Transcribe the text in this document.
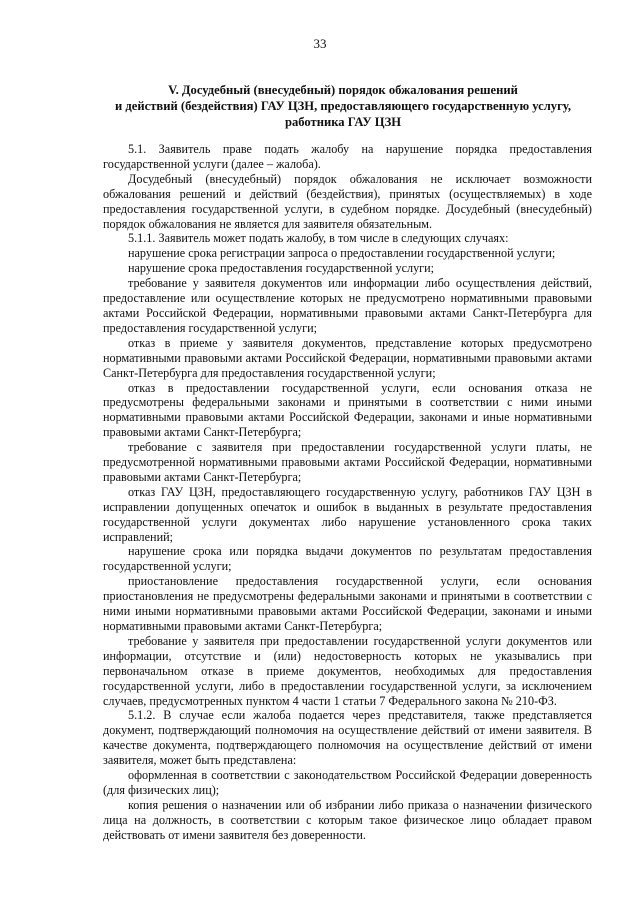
33
V. Досудебный (внесудебный) порядок обжалования решений
и действий (бездействия) ГАУ ЦЗН, предоставляющего государственную услугу,
работника ГАУ ЦЗН

5.1. Заявитель праве подать жалобу на нарушение порядка предоставления государственной услуги (далее – жалоба).

Досудебный (внесудебный) порядок обжалования не исключает возможности обжалования решений и действий (бездействия), принятых (осуществляемых) в ходе предоставления государственной услуги, в судебном порядке. Досудебный (внесудебный) порядок обжалования не является для заявителя обязательным.

5.1.1. Заявитель может подать жалобу, в том числе в следующих случаях:

нарушение срока регистрации запроса о предоставлении государственной услуги;

нарушение срока предоставления государственной услуги;

требование у заявителя документов или информации либо осуществления действий, предоставление или осуществление которых не предусмотрено нормативными правовыми актами Российской Федерации, нормативными правовыми актами Санкт-Петербурга для предоставления государственной услуги;

отказ в приеме у заявителя документов, представление которых предусмотрено нормативными правовыми актами Российской Федерации, нормативными правовыми актами Санкт-Петербурга для предоставления государственной услуги;

отказ в предоставлении государственной услуги, если основания отказа не предусмотрены федеральными законами и принятыми в соответствии с ними иными нормативными правовыми актами Российской Федерации, законами и иные нормативными правовыми актами Санкт-Петербурга;

требование с заявителя при предоставлении государственной услуги платы, не предусмотренной нормативными правовыми актами Российской Федерации, нормативными правовыми актами Санкт-Петербурга;

отказ ГАУ ЦЗН, предоставляющего государственную услугу, работников ГАУ ЦЗН в исправлении допущенных опечаток и ошибок в выданных в результате предоставления государственной услуги документах либо нарушение установленного срока таких исправлений;

нарушение срока или порядка выдачи документов по результатам предоставления государственной услуги;

приостановление предоставления государственной услуги, если основания приостановления не предусмотрены федеральными законами и принятыми в соответствии с ними иными нормативными правовыми актами Российской Федерации, законами и иными нормативными правовыми актами Санкт-Петербурга;

требование у заявителя при предоставлении государственной услуги документов или информации, отсутствие и (или) недостоверность которых не указывались при первоначальном отказе в приеме документов, необходимых для предоставления государственной услуги, либо в предоставлении государственной услуги, за исключением случаев, предусмотренных пунктом 4 части 1 статьи 7 Федерального закона № 210-ФЗ.

5.1.2. В случае если жалоба подается через представителя, также представляется документ, подтверждающий полномочия на осуществление действий от имени заявителя. В качестве документа, подтверждающего полномочия на осуществление действий от имени заявителя, может быть представлена:

оформленная в соответствии с законодательством Российской Федерации доверенность (для физических лиц);

копия решения о назначении или об избрании либо приказа о назначении физического лица на должность, в соответствии с которым такое физическое лицо обладает правом действовать от имени заявителя без доверенности.
